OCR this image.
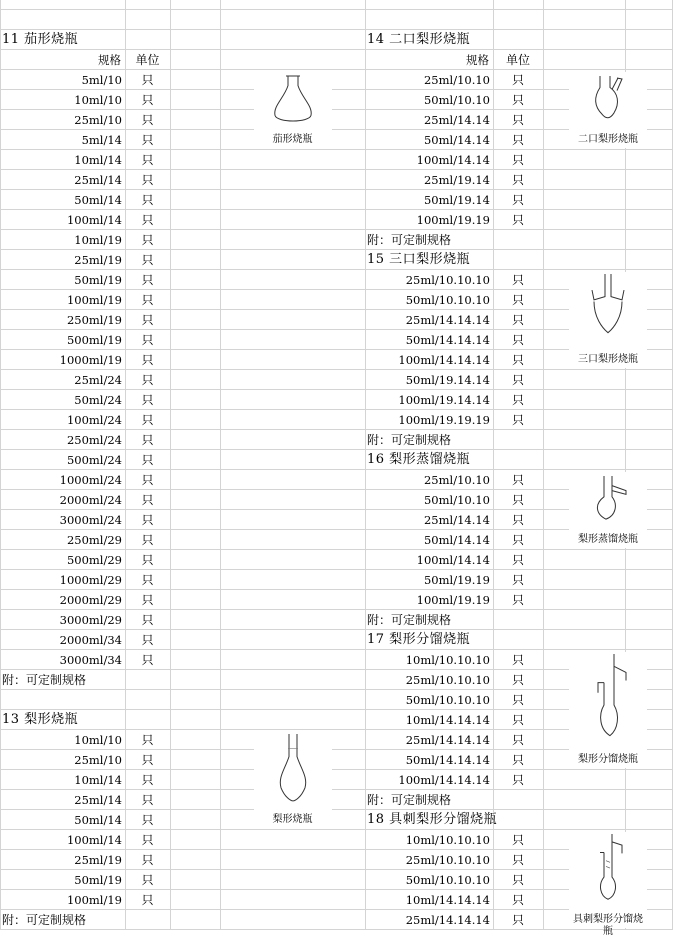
11 茄形烧瓶
规格	单位
5ml/10	只
10ml/10	只
25ml/10	只
5ml/14	只
10ml/14	只
25ml/14	只
50ml/14	只
100ml/14	只
10ml/19	只
25ml/19	只
50ml/19	只
100ml/19	只
250ml/19	只
500ml/19	只
1000ml/19	只
25ml/24	只
50ml/24	只
100ml/24	只
250ml/24	只
500ml/24	只
1000ml/24	只
2000ml/24	只
3000ml/24	只
250ml/29	只
500ml/29	只
1000ml/29	只
2000ml/29	只
3000ml/29	只
2000ml/34	只
3000ml/34	只
附：可定制规格
茄形烧瓶
13 梨形烧瓶
10ml/10	只
25ml/10	只
10ml/14	只
25ml/14	只
50ml/14	只
100ml/14	只
25ml/19	只
50ml/19	只
100ml/19	只
附：可定制规格
梨形烧瓶
14 二口梨形烧瓶
规格	单位
25ml/10.10	只
50ml/10.10	只
25ml/14.14	只
50ml/14.14	只
100ml/14.14	只
25ml/19.14	只
50ml/19.14	只
100ml/19.19	只
附：可定制规格
二口梨形烧瓶
15 三口梨形烧瓶
25ml/10.10.10	只
50ml/10.10.10	只
25ml/14.14.14	只
50ml/14.14.14	只
100ml/14.14.14	只
50ml/19.14.14	只
100ml/19.14.14	只
100ml/19.19.19	只
附：可定制规格
三口梨形烧瓶
16 梨形蒸馏烧瓶
25ml/10.10	只
50ml/10.10	只
25ml/14.14	只
50ml/14.14	只
100ml/14.14	只
50ml/19.19	只
100ml/19.19	只
附：可定制规格
梨形蒸馏烧瓶
17 梨形分馏烧瓶
10ml/10.10.10	只
25ml/10.10.10	只
50ml/10.10.10	只
10ml/14.14.14	只
25ml/14.14.14	只
50ml/14.14.14	只
100ml/14.14.14	只
附：可定制规格
梨形分馏烧瓶
18 具刺梨形分馏烧瓶
10ml/10.10.10	只
25ml/10.10.10	只
50ml/10.10.10	只
10ml/14.14.14	只
25ml/14.14.14	只	具刺梨形分馏烧瓶
